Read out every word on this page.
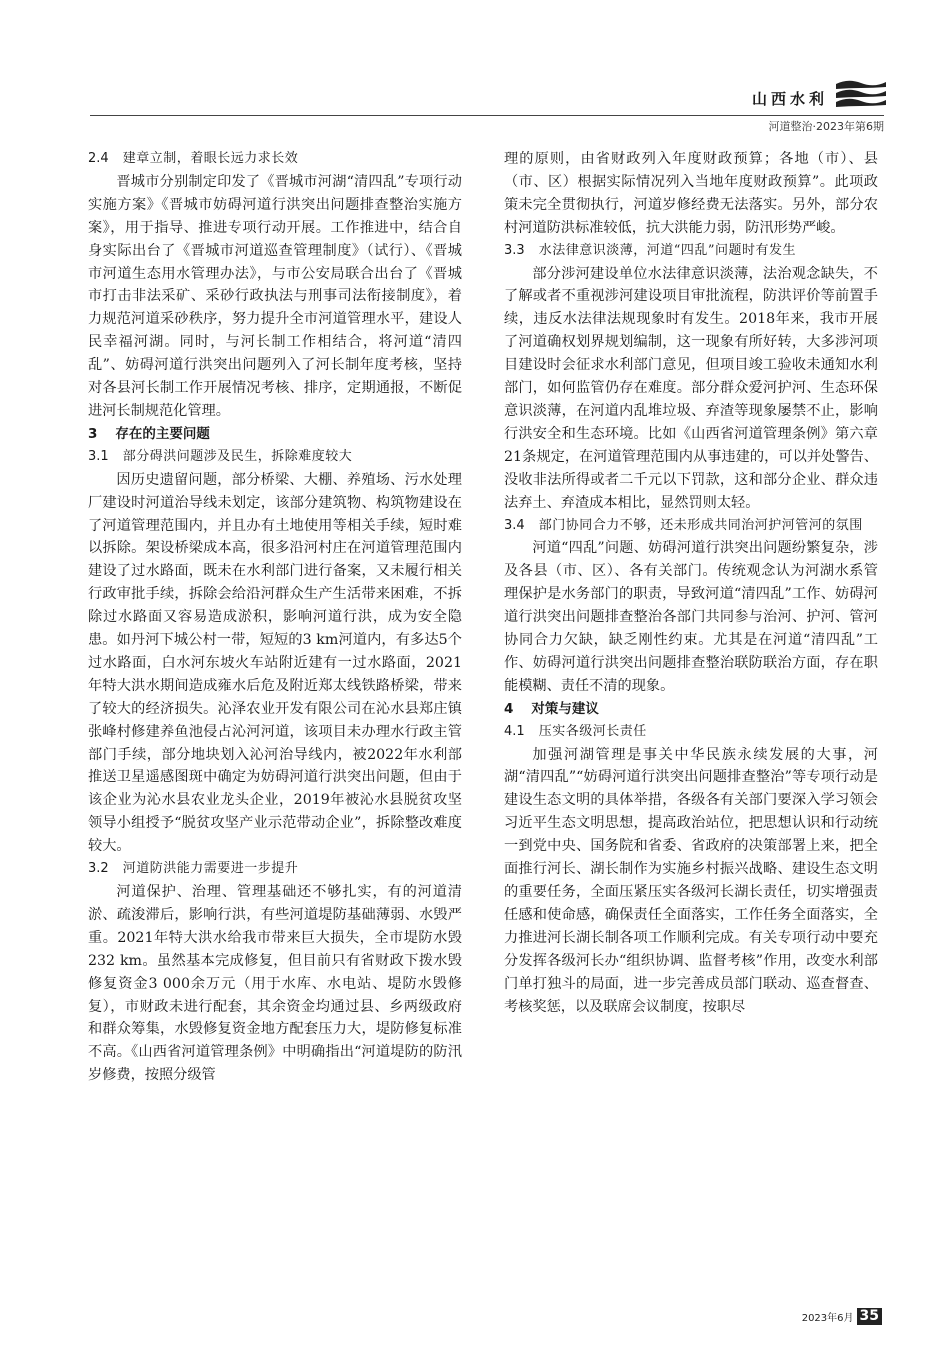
山西水利
河道整治·2023年第6期

2.4 建章立制，着眼长远力求长效

晋城市分别制定印发了《晋城市河湖“清四乱”专项行动实施方案》《晋城市妨碍河道行洪突出问题排查整治实施方案》，用于指导、推进专项行动开展。工作推进中，结合自身实际出台了《晋城市河道巡查管理制度》（试行）、《晋城市河道生态用水管理办法》，与市公安局联合出台了《晋城市打击非法采矿、采砂行政执法与刑事司法衔接制度》，着力规范河道采砂秩序，努力提升全市河道管理水平，建设人民幸福河湖。同时，与河长制工作相结合，将河道“清四乱”、妨碍河道行洪突出问题列入了河长制年度考核，坚持对各县河长制工作开展情况考核、排序，定期通报，不断促进河长制规范化管理。

3 存在的主要问题

3.1 部分碍洪问题涉及民生，拆除难度较大

因历史遗留问题，部分桥梁、大棚、养殖场、污水处理厂建设时河道治导线未划定，该部分建筑物、构筑物建设在了河道管理范围内，并且办有土地使用等相关手续，短时难以拆除。架设桥梁成本高，很多沿河村庄在河道管理范围内建设了过水路面，既未在水利部门进行备案，又未履行相关行政审批手续，拆除会给沿河群众生产生活带来困难，不拆除过水路面又容易造成淤积，影响河道行洪，成为安全隐患。如丹河下城公村一带，短短的3 km河道内，有多达5个过水路面，白水河东坡火车站附近建有一过水路面，2021年特大洪水期间造成雍水后危及附近郑太线铁路桥梁，带来了较大的经济损失。沁泽农业开发有限公司在沁水县郑庄镇张峰村修建养鱼池侵占沁河河道，该项目未办理水行政主管部门手续，部分地块划入沁河治导线内，被2022年水利部推送卫星遥感图斑中确定为妨碍河道行洪突出问题，但由于该企业为沁水县农业龙头企业，2019年被沁水县脱贫攻坚领导小组授予“脱贫攻坚产业示范带动企业”，拆除整改难度较大。

3.2 河道防洪能力需要进一步提升

河道保护、治理、管理基础还不够扎实，有的河道清淤、疏浚滞后，影响行洪，有些河道堤防基础薄弱、水毁严重。2021年特大洪水给我市带来巨大损失，全市堤防水毁232 km。虽然基本完成修复，但目前只有省财政下拨水毁修复资金3 000余万元（用于水库、水电站、堤防水毁修复），市财政未进行配套，其余资金均通过县、乡两级政府和群众筹集，水毁修复资金地方配套压力大，堤防修复标准不高。《山西省河道管理条例》中明确指出“河道堤防的防汛岁修费，按照分级管

理的原则，由省财政列入年度财政预算；各地（市）、县（市、区）根据实际情况列入当地年度财政预算”。此项政策未完全贯彻执行，河道岁修经费无法落实。另外，部分农村河道防洪标准较低，抗大洪能力弱，防汛形势严峻。

3.3 水法律意识淡薄，河道“四乱”问题时有发生

部分涉河建设单位水法律意识淡薄，法治观念缺失，不了解或者不重视涉河建设项目审批流程，防洪评价等前置手续，违反水法律法规现象时有发生。2018年来，我市开展了河道确权划界规划编制，这一现象有所好转，大多涉河项目建设时会征求水利部门意见，但项目竣工验收未通知水利部门，如何监管仍存在难度。部分群众爱河护河、生态环保意识淡薄，在河道内乱堆垃圾、弃渣等现象屡禁不止，影响行洪安全和生态环境。比如《山西省河道管理条例》第六章21条规定，在河道管理范围内从事违建的，可以并处警告、没收非法所得或者二千元以下罚款，这和部分企业、群众违法弃土、弃渣成本相比，显然罚则太轻。

3.4 部门协同合力不够，还未形成共同治河护河管河的氛围

河道“四乱”问题、妨碍河道行洪突出问题纷繁复杂，涉及各县（市、区）、各有关部门。传统观念认为河湖水系管理保护是水务部门的职责，导致河道“清四乱”工作、妨碍河道行洪突出问题排查整治各部门共同参与治河、护河、管河协同合力欠缺，缺乏刚性约束。尤其是在河道“清四乱”工作、妨碍河道行洪突出问题排查整治联防联治方面，存在职能模糊、责任不清的现象。

4 对策与建议

4.1 压实各级河长责任

加强河湖管理是事关中华民族永续发展的大事，河湖“清四乱”“妨碍河道行洪突出问题排查整治”等专项行动是建设生态文明的具体举措，各级各有关部门要深入学习领会习近平生态文明思想，提高政治站位，把思想认识和行动统一到党中央、国务院和省委、省政府的决策部署上来，把全面推行河长、湖长制作为实施乡村振兴战略、建设生态文明的重要任务，全面压紧压实各级河长湖长责任，切实增强责任感和使命感，确保责任全面落实，工作任务全面落实，全力推进河长湖长制各项工作顺利完成。有关专项行动中要充分发挥各级河长办“组织协调、监督考核”作用，改变水利部门单打独斗的局面，进一步完善成员部门联动、巡查督查、考核奖惩，以及联席会议制度，按职尽

2023年6月 35
